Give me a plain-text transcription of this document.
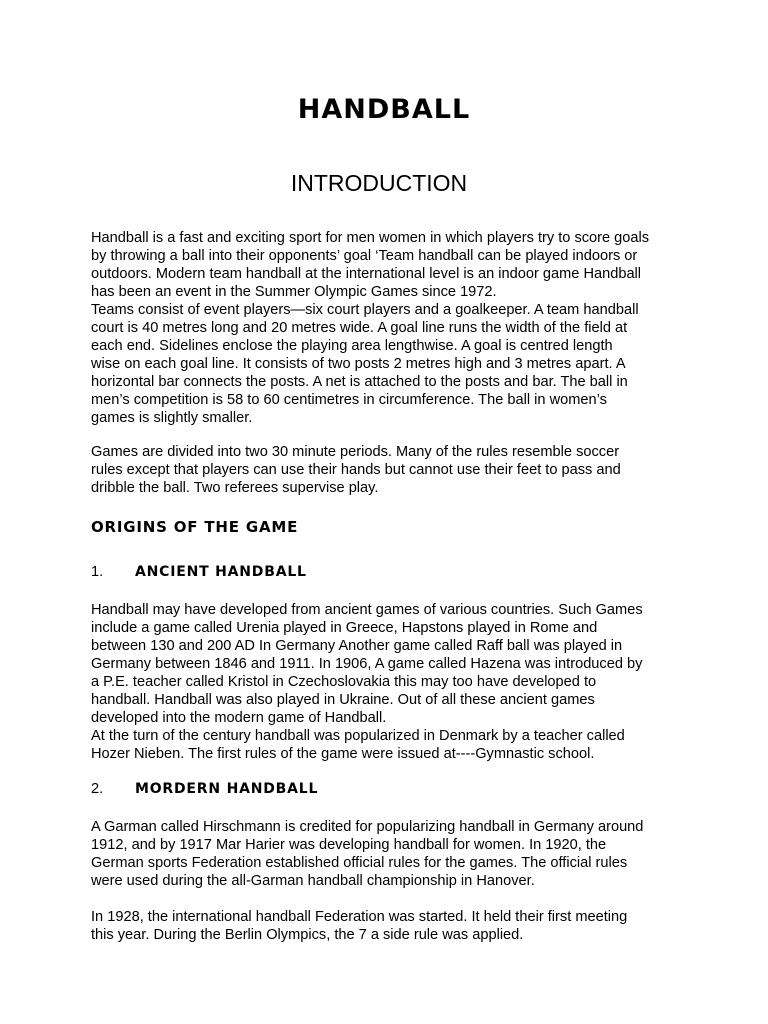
HANDBALL
INTRODUCTION

Handball is a fast and exciting sport for men women in which players try to score goals
by throwing a ball into their opponents’ goal ‘Team handball can be played indoors or
outdoors. Modern team handball at the international level is an indoor game Handball
has been an event in the Summer Olympic Games since 1972.
Teams consist of event players—six court players and a goalkeeper. A team handball
court is 40 metres long and 20 metres wide. A goal line runs the width of the field at
each end. Sidelines enclose the playing area lengthwise. A goal is centred length
wise on each goal line. It consists of two posts 2 metres high and 3 metres apart. A
horizontal bar connects the posts. A net is attached to the posts and bar. The ball in
men’s competition is 58 to 60 centimetres in circumference. The ball in women’s
games is slightly smaller.

Games are divided into two 30 minute periods. Many of the rules resemble soccer
rules except that players can use their hands but cannot use their feet to pass and
dribble the ball. Two referees supervise play.

ORIGINS OF THE GAME
1.	ANCIENT HANDBALL

Handball may have developed from ancient games of various countries. Such Games
include a game called Urenia played in Greece, Hapstons played in Rome and
between 130 and 200 AD In Germany Another game called Raff ball was played in
Germany between 1846 and 1911. In 1906, A game called Hazena was introduced by
a P.E. teacher called Kristol in Czechoslovakia this may too have developed to
handball. Handball was also played in Ukraine. Out of all these ancient games
developed into the modern game of Handball.
At the turn of the century handball was popularized in Denmark by a teacher called
Hozer Nieben. The first rules of the game were issued at----Gymnastic school.

2.	MORDERN HANDBALL

A Garman called Hirschmann is credited for popularizing handball in Germany around
1912, and by 1917 Mar Harier was developing handball for women. In 1920, the
German sports Federation established official rules for the games. The official rules
were used during the all-Garman handball championship in Hanover.

In 1928, the international handball Federation was started. It held their first meeting
this year. During the Berlin Olympics, the 7 a side rule was applied.
